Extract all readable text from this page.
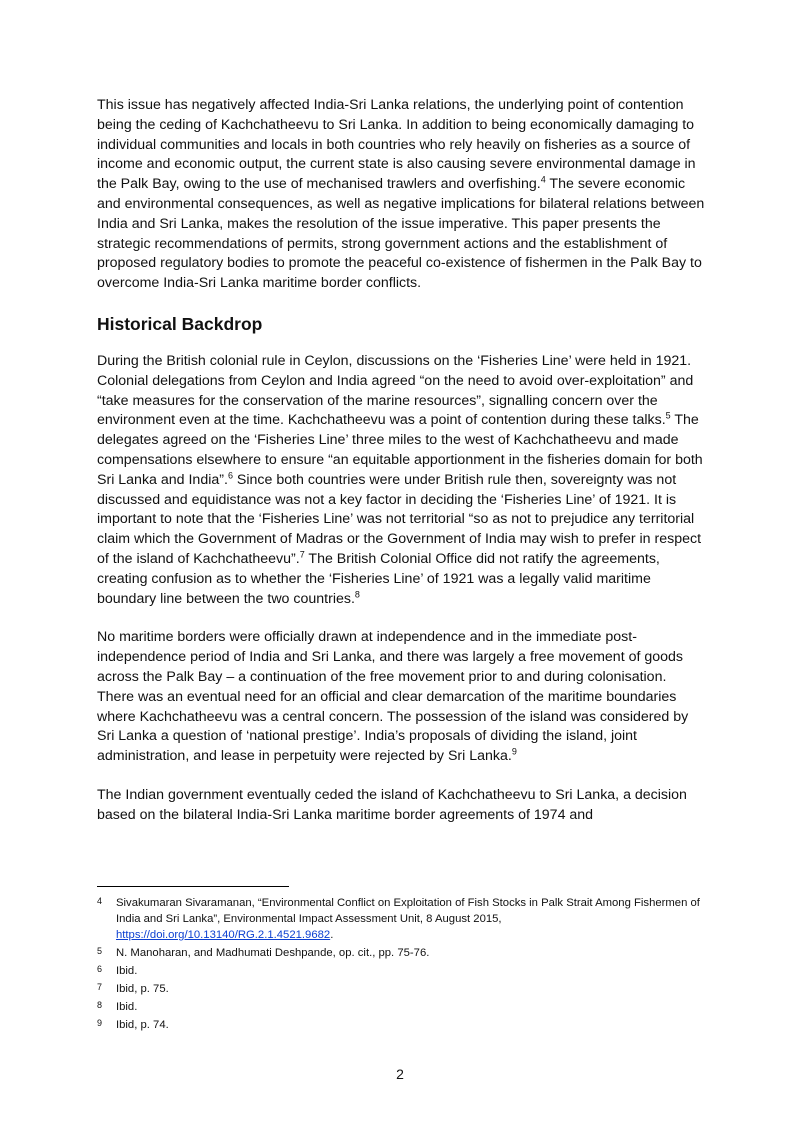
This issue has negatively affected India-Sri Lanka relations, the underlying point of contention being the ceding of Kachchatheevu to Sri Lanka. In addition to being economically damaging to individual communities and locals in both countries who rely heavily on fisheries as a source of income and economic output, the current state is also causing severe environmental damage in the Palk Bay, owing to the use of mechanised trawlers and overfishing.$^4$ The severe economic and environmental consequences, as well as negative implications for bilateral relations between India and Sri Lanka, makes the resolution of the issue imperative. This paper presents the strategic recommendations of permits, strong government actions and the establishment of proposed regulatory bodies to promote the peaceful co-existence of fishermen in the Palk Bay to overcome India-Sri Lanka maritime border conflicts.

Historical Backdrop

During the British colonial rule in Ceylon, discussions on the ‘Fisheries Line’ were held in 1921. Colonial delegations from Ceylon and India agreed “on the need to avoid over-exploitation” and “take measures for the conservation of the marine resources”, signalling concern over the environment even at the time. Kachchatheevu was a point of contention during these talks.$^5$ The delegates agreed on the ‘Fisheries Line’ three miles to the west of Kachchatheevu and made compensations elsewhere to ensure “an equitable apportionment in the fisheries domain for both Sri Lanka and India”.$^6$ Since both countries were under British rule then, sovereignty was not discussed and equidistance was not a key factor in deciding the ‘Fisheries Line’ of 1921. It is important to note that the ‘Fisheries Line’ was not territorial “so as not to prejudice any territorial claim which the Government of Madras or the Government of India may wish to prefer in respect of the island of Kachchatheevu”.$^7$ The British Colonial Office did not ratify the agreements, creating confusion as to whether the ‘Fisheries Line’ of 1921 was a legally valid maritime boundary line between the two countries.$^8$

No maritime borders were officially drawn at independence and in the immediate post-independence period of India and Sri Lanka, and there was largely a free movement of goods across the Palk Bay – a continuation of the free movement prior to and during colonisation. There was an eventual need for an official and clear demarcation of the maritime boundaries where Kachchatheevu was a central concern. The possession of the island was considered by Sri Lanka a question of ‘national prestige’. India’s proposals of dividing the island, joint administration, and lease in perpetuity were rejected by Sri Lanka.$^9$

The Indian government eventually ceded the island of Kachchatheevu to Sri Lanka, a decision based on the bilateral India-Sri Lanka maritime border agreements of 1974 and

4	Sivakumaran Sivaramanan, “Environmental Conflict on Exploitation of Fish Stocks in Palk Strait Among Fishermen of India and Sri Lanka”, Environmental Impact Assessment Unit, 8 August 2015, https://doi.org/10.13140/RG.2.1.4521.9682.
5	N. Manoharan, and Madhumati Deshpande, op. cit., pp. 75-76.
6	Ibid.
7	Ibid, p. 75.
8	Ibid.
9	Ibid, p. 74.
2
